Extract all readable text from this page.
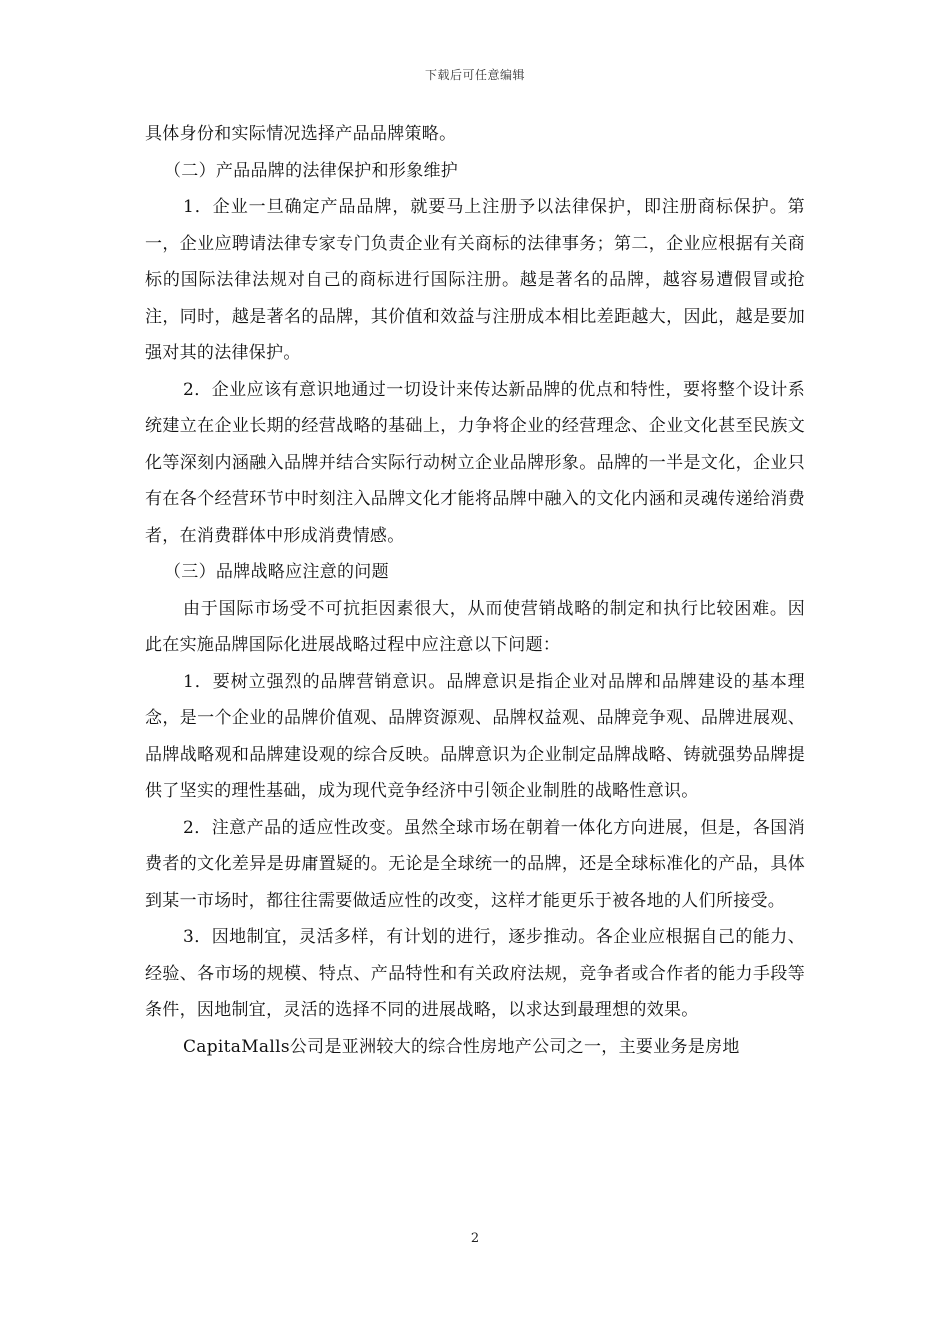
下载后可任意编辑

具体身份和实际情况选择产品品牌策略。

（二）产品品牌的法律保护和形象维护

1．企业一旦确定产品品牌，就要马上注册予以法律保护，即注册商标保护。第一，企业应聘请法律专家专门负责企业有关商标的法律事务；第二，企业应根据有关商标的国际法律法规对自己的商标进行国际注册。越是著名的品牌，越容易遭假冒或抢注，同时，越是著名的品牌，其价值和效益与注册成本相比差距越大，因此，越是要加强对其的法律保护。

2．企业应该有意识地通过一切设计来传达新品牌的优点和特性，要将整个设计系统建立在企业长期的经营战略的基础上，力争将企业的经营理念、企业文化甚至民族文化等深刻内涵融入品牌并结合实际行动树立企业品牌形象。品牌的一半是文化，企业只有在各个经营环节中时刻注入品牌文化才能将品牌中融入的文化内涵和灵魂传递给消费者，在消费群体中形成消费情感。

（三）品牌战略应注意的问题

由于国际市场受不可抗拒因素很大，从而使营销战略的制定和执行比较困难。因此在实施品牌国际化进展战略过程中应注意以下问题：

1．要树立强烈的品牌营销意识。品牌意识是指企业对品牌和品牌建设的基本理念，是一个企业的品牌价值观、品牌资源观、品牌权益观、品牌竞争观、品牌进展观、品牌战略观和品牌建设观的综合反映。品牌意识为企业制定品牌战略、铸就强势品牌提供了坚实的理性基础，成为现代竞争经济中引领企业制胜的战略性意识。

2．注意产品的适应性改变。虽然全球市场在朝着一体化方向进展，但是，各国消费者的文化差异是毋庸置疑的。无论是全球统一的品牌，还是全球标准化的产品，具体到某一市场时，都往往需要做适应性的改变，这样才能更乐于被各地的人们所接受。

3．因地制宜，灵活多样，有计划的进行，逐步推动。各企业应根据自己的能力、经验、各市场的规模、特点、产品特性和有关政府法规，竞争者或合作者的能力手段等条件，因地制宜，灵活的选择不同的进展战略，以求达到最理想的效果。

CapitaMalls公司是亚洲较大的综合性房地产公司之一，主要业务是房地

2
